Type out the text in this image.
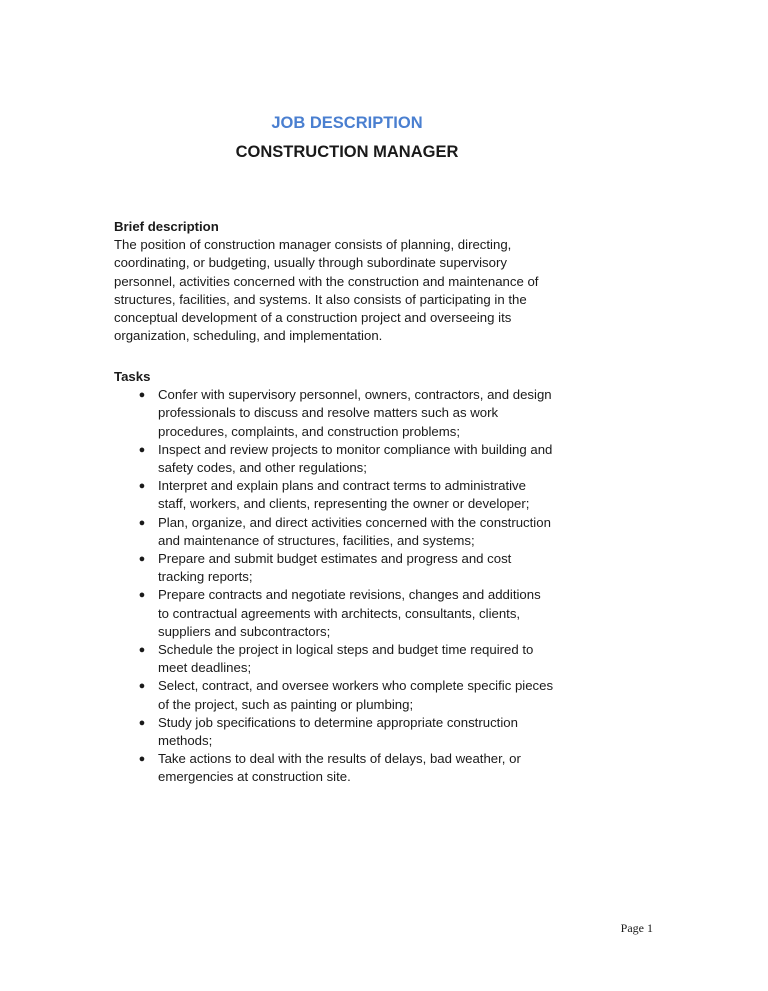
JOB DESCRIPTION
CONSTRUCTION MANAGER

Brief description

The position of construction manager consists of planning, directing, coordinating, or budgeting, usually through subordinate supervisory personnel, activities concerned with the construction and maintenance of structures, facilities, and systems. It also consists of participating in the conceptual development of a construction project and overseeing its organization, scheduling, and implementation.

Tasks

● Confer with supervisory personnel, owners, contractors, and design professionals to discuss and resolve matters such as work procedures, complaints, and construction problems;
● Inspect and review projects to monitor compliance with building and safety codes, and other regulations;
● Interpret and explain plans and contract terms to administrative staff, workers, and clients, representing the owner or developer;
● Plan, organize, and direct activities concerned with the construction and maintenance of structures, facilities, and systems;
● Prepare and submit budget estimates and progress and cost tracking reports;
● Prepare contracts and negotiate revisions, changes and additions to contractual agreements with architects, consultants, clients, suppliers and subcontractors;
● Schedule the project in logical steps and budget time required to meet deadlines;
● Select, contract, and oversee workers who complete specific pieces of the project, such as painting or plumbing;
● Study job specifications to determine appropriate construction methods;
● Take actions to deal with the results of delays, bad weather, or emergencies at construction site.
Page 1
